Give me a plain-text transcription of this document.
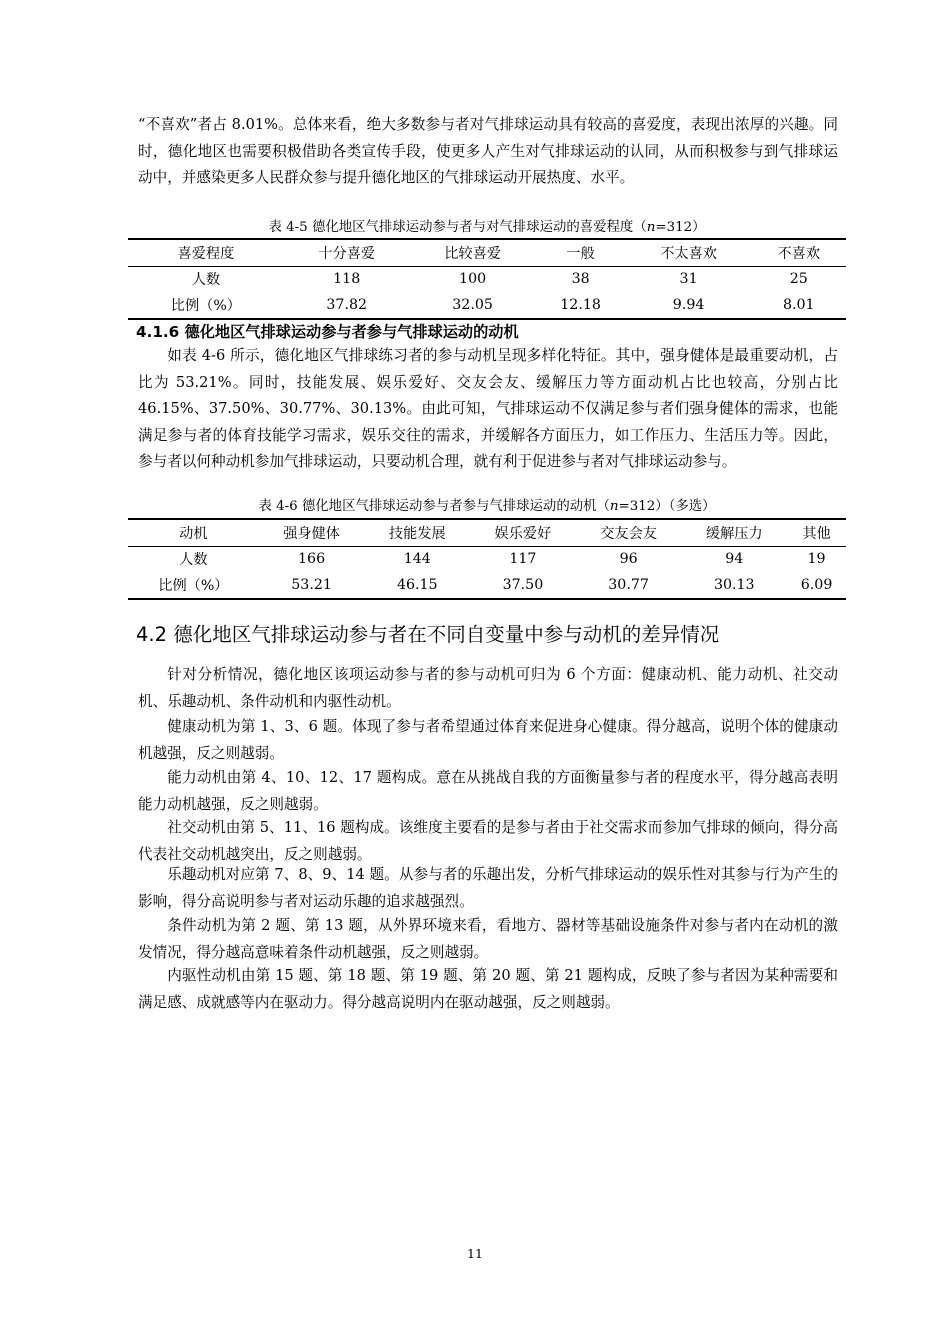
“不喜欢”者占 8.01%。总体来看，绝大多数参与者对气排球运动具有较高的喜爱度，表现出浓厚的兴趣。同时，德化地区也需要积极借助各类宣传手段，使更多人产生对气排球运动的认同，从而积极参与到气排球运动中，并感染更多人民群众参与提升德化地区的气排球运动开展热度、水平。

表 4-5 德化地区气排球运动参与者与对气排球运动的喜爱程度（n=312）

喜爱程度	十分喜爱	比较喜爱	一般	不太喜欢	不喜欢
人数	118	100	38	31	25
比例（%）	37.82	32.05	12.18	9.94	8.01

4.1.6 德化地区气排球运动参与者参与气排球运动的动机

如表 4-6 所示，德化地区气排球练习者的参与动机呈现多样化特征。其中，强身健体是最重要动机，占比为 53.21%。同时，技能发展、娱乐爱好、交友会友、缓解压力等方面动机占比也较高，分别占比 46.15%、37.50%、30.77%、30.13%。由此可知，气排球运动不仅满足参与者们强身健体的需求，也能满足参与者的体育技能学习需求，娱乐交往的需求，并缓解各方面压力，如工作压力、生活压力等。因此，参与者以何种动机参加气排球运动，只要动机合理，就有利于促进参与者对气排球运动参与。

表 4-6 德化地区气排球运动参与者参与气排球运动的动机（n=312）（多选）

动机	强身健体	技能发展	娱乐爱好	交友会友	缓解压力	其他
人数	166	144	117	96	94	19
比例（%）	53.21	46.15	37.50	30.77	30.13	6.09

4.2 德化地区气排球运动参与者在不同自变量中参与动机的差异情况

针对分析情况，德化地区该项运动参与者的参与动机可归为 6 个方面：健康动机、能力动机、社交动机、乐趣动机、条件动机和内驱性动机。

健康动机为第 1、3、6 题。体现了参与者希望通过体育来促进身心健康。得分越高，说明个体的健康动机越强，反之则越弱。

能力动机由第 4、10、12、17 题构成。意在从挑战自我的方面衡量参与者的程度水平，得分越高表明能力动机越强，反之则越弱。

社交动机由第 5、11、16 题构成。该维度主要看的是参与者由于社交需求而参加气排球的倾向，得分高代表社交动机越突出，反之则越弱。

乐趣动机对应第 7、8、9、14 题。从参与者的乐趣出发，分析气排球运动的娱乐性对其参与行为产生的影响，得分高说明参与者对运动乐趣的追求越强烈。

条件动机为第 2 题、第 13 题，从外界环境来看，看地方、器材等基础设施条件对参与者内在动机的激发情况，得分越高意味着条件动机越强，反之则越弱。

内驱性动机由第 15 题、第 18 题、第 19 题、第 20 题、第 21 题构成，反映了参与者因为某种需要和满足感、成就感等内在驱动力。得分越高说明内在驱动越强，反之则越弱。

11
